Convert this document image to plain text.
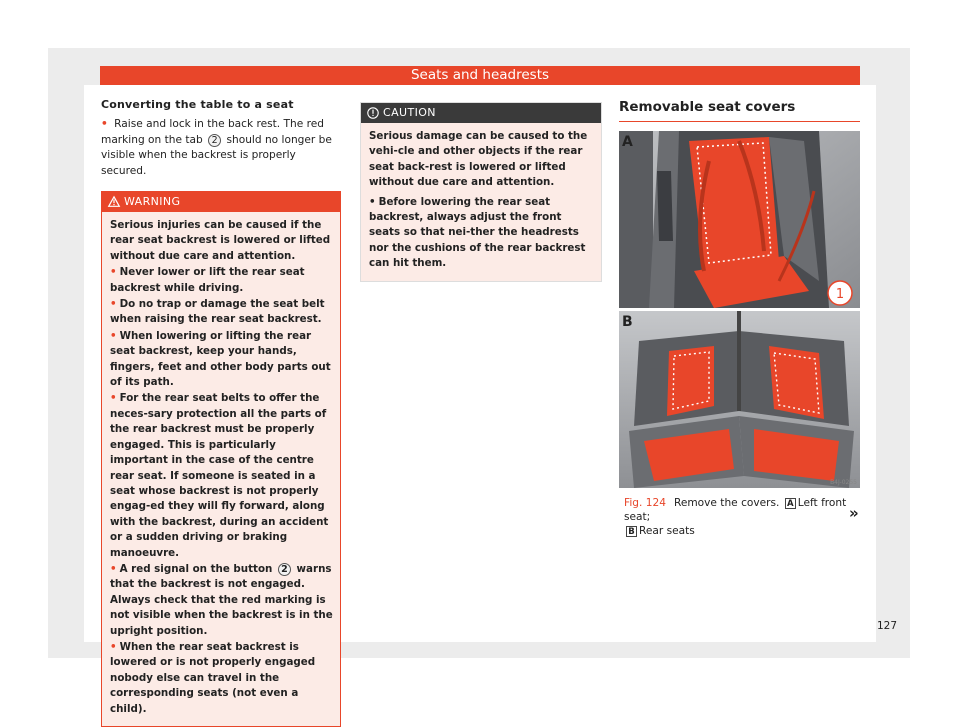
Seats and headrests
Converting the table to a seat

• Raise and lock in the back rest. The red marking on the tab 2 should no longer be visible when the backrest is properly secured.

WARNING
Serious injuries can be caused if the rear seat backrest is lowered or lifted without due care and attention.
• Never lower or lift the rear seat backrest while driving.
• Do no trap or damage the seat belt when raising the rear seat backrest.
• When lowering or lifting the rear seat backrest, keep your hands, fingers, feet and other body parts out of its path.
• For the rear seat belts to offer the neces-sary protection all the parts of the rear backrest must be properly engaged. This is particularly important in the case of the centre rear seat. If someone is seated in a seat whose backrest is not properly engag-ed they will fly forward, along with the backrest, during an accident or a sudden driving or braking manoeuvre.
• A red signal on the button 2 warns that the backrest is not engaged. Always check that the red marking is not visible when the backrest is in the upright position.
• When the rear seat backrest is lowered or is not properly engaged nobody else can travel in the corresponding seats (not even a child).
CAUTION
Serious damage can be caused to the vehi-cle and other objects if the rear seat back-rest is lowered or lifted without due care and attention.
• Before lowering the rear seat backrest, always adjust the front seats so that nei-ther the headrests nor the cushions of the rear backrest can hit them.
Removable seat covers
1
A
B
B4J-0255

Fig. 124 Remove the covers. A Left front seat;
B Rear seats

»
127
